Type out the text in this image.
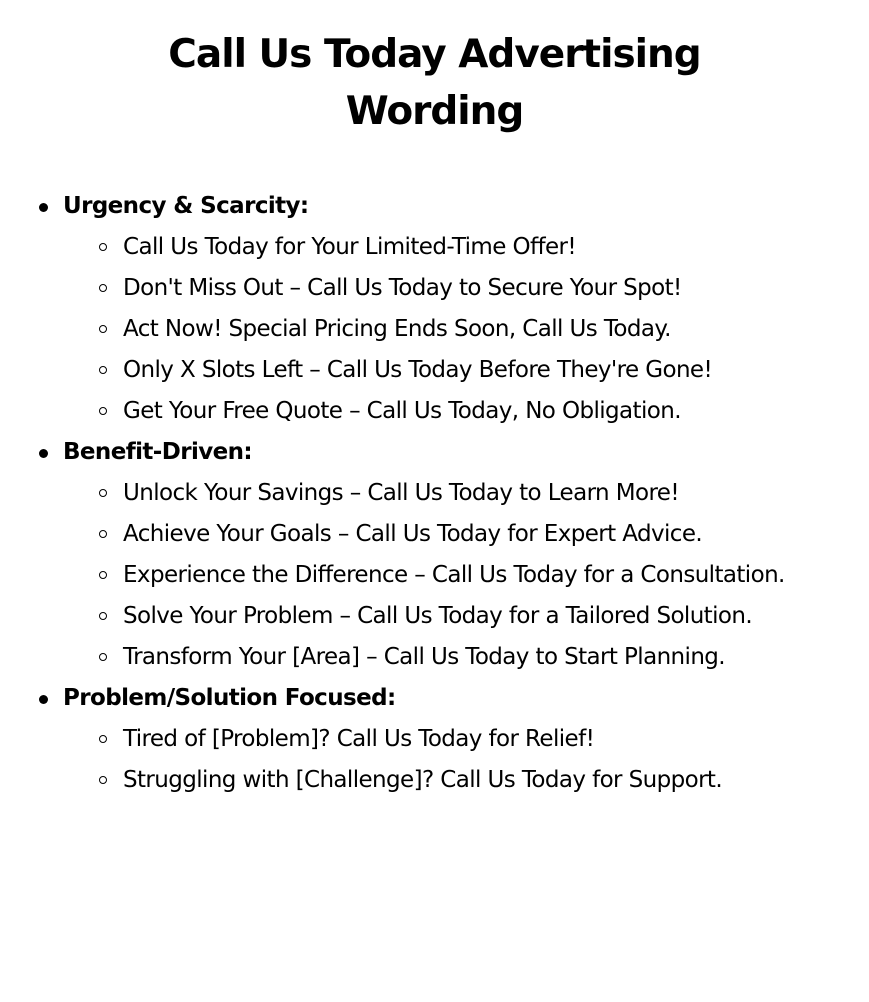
Call Us Today Advertising
Wording
Urgency & Scarcity:
Call Us Today for Your Limited-Time Offer!
Don't Miss Out – Call Us Today to Secure Your Spot!
Act Now! Special Pricing Ends Soon, Call Us Today.
Only X Slots Left – Call Us Today Before They're Gone!
Get Your Free Quote – Call Us Today, No Obligation.
Benefit-Driven:
Unlock Your Savings – Call Us Today to Learn More!
Achieve Your Goals – Call Us Today for Expert Advice.
Experience the Difference – Call Us Today for a Consultation.
Solve Your Problem – Call Us Today for a Tailored Solution.
Transform Your [Area] – Call Us Today to Start Planning.
Problem/Solution Focused:
Tired of [Problem]? Call Us Today for Relief!
Struggling with [Challenge]? Call Us Today for Support.
